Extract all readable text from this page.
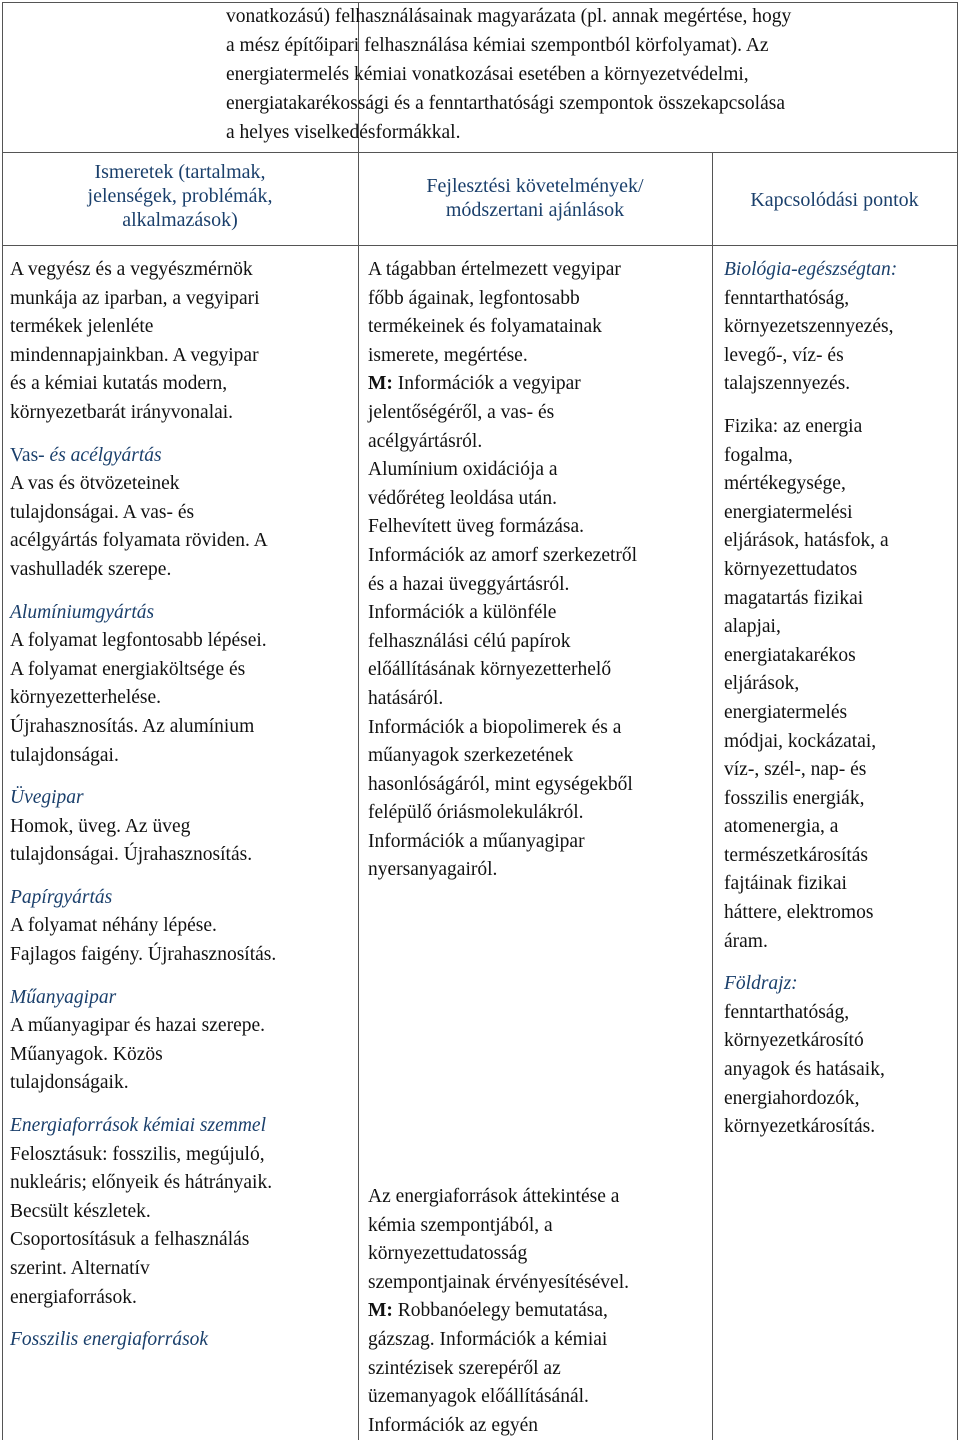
vonatkozású) felhasználásainak magyarázata (pl. annak megértése, hogy
a mész építőipari felhasználása kémiai szempontból körfolyamat). Az
energiatermelés kémiai vonatkozásai esetében a környezetvédelmi,
energiatakarékossági és a fenntarthatósági szempontok összekapcsolása
a helyes viselkedésformákkal.
Ismeretek (tartalmak,
jelenségek, problémák,
alkalmazások)
Fejlesztési követelmények/
módszertani ajánlások	Kapcsolódási pontok

A vegyész és a vegyészmérnök

munkája az iparban, a vegyipari

termékek jelenléte

mindennapjainkban. A vegyipar

és a kémiai kutatás modern,

környezetbarát irányvonalai.

Vas- és acélgyártás

A vas és ötvözeteinek

tulajdonságai. A vas- és

acélgyártás folyamata röviden. A

vashulladék szerepe.

Alumíniumgyártás

A folyamat legfontosabb lépései.

A folyamat energiaköltsége és

környezetterhelése.

Újrahasznosítás. Az alumínium

tulajdonságai.

Üvegipar

Homok, üveg. Az üveg

tulajdonságai. Újrahasznosítás.

Papírgyártás

A folyamat néhány lépése.

Fajlagos faigény. Újrahasznosítás.

Műanyagipar

A műanyagipar és hazai szerepe.

Műanyagok. Közös

tulajdonságaik.

Energiaforrások kémiai szemmel

Felosztásuk: fosszilis, megújuló,

nukleáris; előnyeik és hátrányaik.

Becsült készletek.

Csoportosításuk a felhasználás

szerint. Alternatív

energiaforrások.

Fosszilis energiaforrások

A tágabban értelmezett vegyipar

főbb ágainak, legfontosabb

termékeinek és folyamatainak

ismerete, megértése.

M: Információk a vegyipar

jelentőségéről, a vas- és

acélgyártásról.

Alumínium oxidációja a

védőréteg leoldása után.

Felhevített üveg formázása.

Információk az amorf szerkezetről

és a hazai üveggyártásról.

Információk a különféle

felhasználási célú papírok

előállításának környezetterhelő

hatásáról.

Információk a biopolimerek és a

műanyagok szerkezetének

hasonlóságáról, mint egységekből

felépülő óriásmolekulákról.

Információk a műanyagipar

nyersanyagairól.

Az energiaforrások áttekintése a

kémia szempontjából, a

környezettudatosság

szempontjainak érvényesítésével.

M: Robbanóelegy bemutatása,

gázszag. Információk a kémiai

szintézisek szerepéről az

üzemanyagok előállításánál.

Információk az egyén

Biológia-egészségtan:

fenntarthatóság,

környezetszennyezés,

levegő-, víz- és

talajszennyezés.

Fizika: az energia

fogalma,

mértékegysége,

energiatermelési

eljárások, hatásfok, a

környezettudatos

magatartás fizikai

alapjai,

energiatakarékos

eljárások,

energiatermelés

módjai, kockázatai,

víz-, szél-, nap- és

fosszilis energiák,

atomenergia, a

természetkárosítás

fajtáinak fizikai

háttere, elektromos

áram.

Földrajz:

fenntarthatóság,

környezetkárosító

anyagok és hatásaik,

energiahordozók,

környezetkárosítás.
